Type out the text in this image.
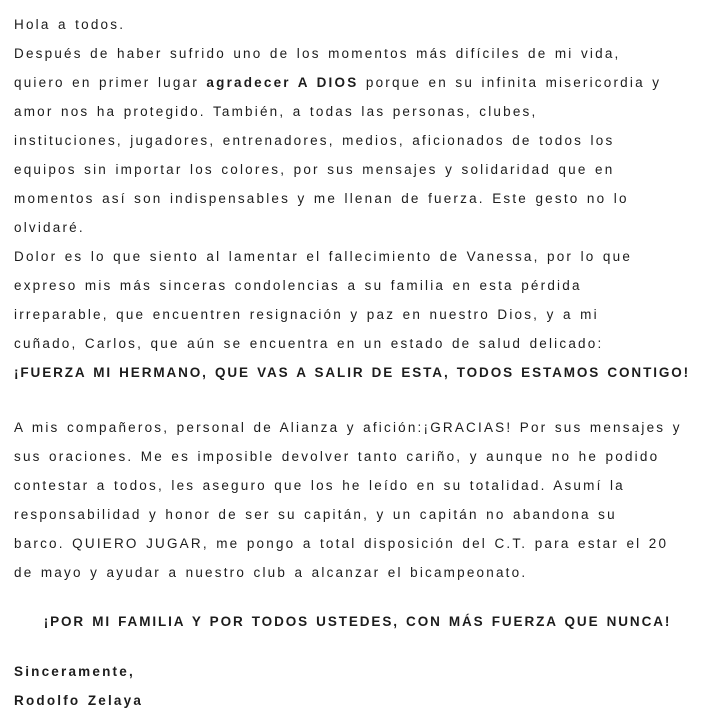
Hola a todos.
Después de haber sufrido uno de los momentos más difíciles de mi vida,
quiero en primer lugar agradecer A DIOS porque en su infinita misericordia y
amor nos ha protegido. También, a todas las personas, clubes,
instituciones, jugadores, entrenadores, medios, aficionados de todos los
equipos sin importar los colores, por sus mensajes y solidaridad que en
momentos así son indispensables y me llenan de fuerza. Este gesto no lo
olvidaré.
Dolor es lo que siento al lamentar el fallecimiento de Vanessa, por lo que
expreso mis más sinceras condolencias a su familia en esta pérdida
irreparable, que encuentren resignación y paz en nuestro Dios, y a mi
cuñado, Carlos, que aún se encuentra en un estado de salud delicado:
¡FUERZA MI HERMANO, QUE VAS A SALIR DE ESTA, TODOS ESTAMOS CONTIGO!
A mis compañeros, personal de Alianza y afición:¡GRACIAS! Por sus mensajes y
sus oraciones. Me es imposible devolver tanto cariño, y aunque no he podido
contestar a todos, les aseguro que los he leído en su totalidad. Asumí la
responsabilidad y honor de ser su capitán, y un capitán no abandona su
barco. QUIERO JUGAR, me pongo a total disposición del C.T. para estar el 20
de mayo y ayudar a nuestro club a alcanzar el bicampeonato.
¡POR MI FAMILIA Y POR TODOS USTEDES, CON MÁS FUERZA QUE NUNCA!
Sinceramente,
Rodolfo Zelaya
